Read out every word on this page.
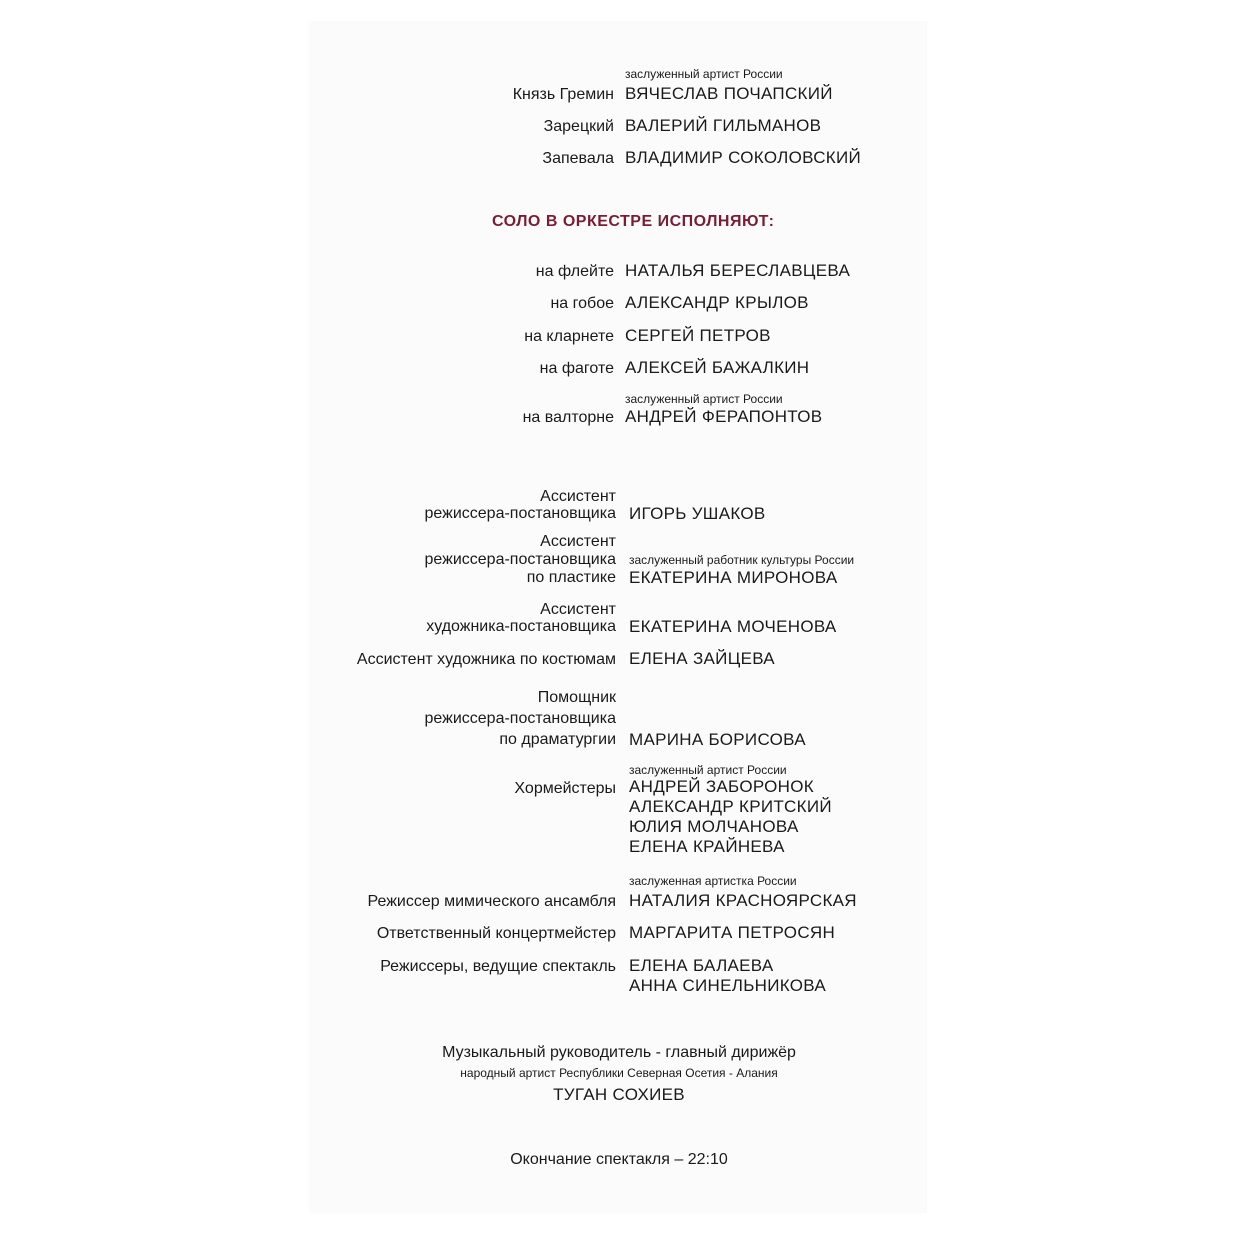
заслуженный артист России
Князь Гремин ВЯЧЕСЛАВ ПОЧАПСКИЙ
Зарецкий ВАЛЕРИЙ ГИЛЬМАНОВ
Запевала ВЛАДИМИР СОКОЛОВСКИЙ
СОЛО В ОРКЕСТРЕ ИСПОЛНЯЮТ:
на флейте НАТАЛЬЯ БЕРЕСЛАВЦЕВА
на гобое АЛЕКСАНДР КРЫЛОВ
на кларнете СЕРГЕЙ ПЕТРОВ
на фаготе АЛЕКСЕЙ БАЖАЛКИН
заслуженный артист России
на валторне АНДРЕЙ ФЕРАПОНТОВ
Ассистент
режиссера-постановщика ИГОРЬ УШАКОВ
Ассистент
режиссера-постановщика
по пластике
заслуженный работник культуры России
ЕКАТЕРИНА МИРОНОВА
Ассистент
художника-постановщика ЕКАТЕРИНА МОЧЕНОВА
Ассистент художника по костюмам ЕЛЕНА ЗАЙЦЕВА
Помощник
режиссера-постановщика
по драматургии МАРИНА БОРИСОВА
Хормейстеры
заслуженный артист России
АНДРЕЙ ЗАБОРОНОК
АЛЕКСАНДР КРИТСКИЙ
ЮЛИЯ МОЛЧАНОВА
ЕЛЕНА КРАЙНЕВА
заслуженная артистка России
Режиссер мимического ансамбля НАТАЛИЯ КРАСНОЯРСКАЯ
Ответственный концертмейстер МАРГАРИТА ПЕТРОСЯН
Режиссеры, ведущие спектакль ЕЛЕНА БАЛАЕВА
АННА СИНЕЛЬНИКОВА
Музыкальный руководитель - главный дирижёр
народный артист Республики Северная Осетия - Алания
ТУГАН СОХИЕВ
Окончание спектакля – 22:10
